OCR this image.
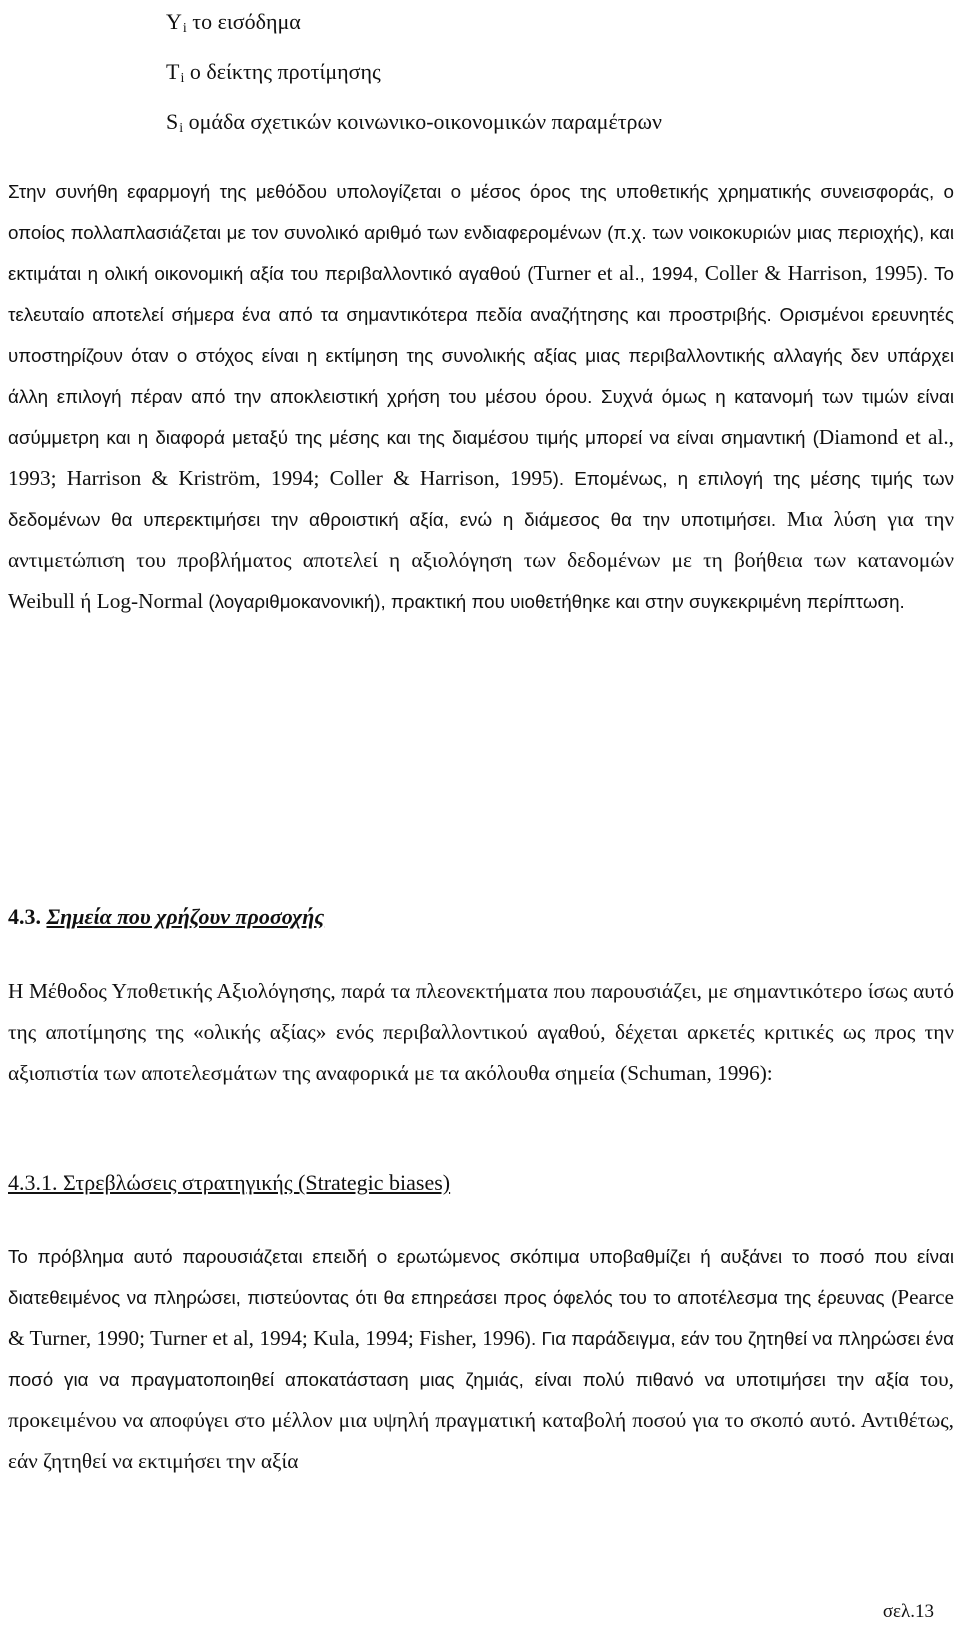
$Y_i$ το εισόδημα
$T_i$ ο δείκτης προτίμησης
$S_i$ ομάδα σχετικών κοινωνικο-οικονομικών παραμέτρων

Στην συνήθη εφαρμογή της μεθόδου υπολογίζεται ο μέσος όρος της υποθετικής χρηματικής συνεισφοράς, ο οποίος πολλαπλασιάζεται με τον συνολικό αριθμό των ενδιαφερομένων (π.χ. των νοικοκυριών μιας περιοχής), και εκτιμάται η ολική οικονομική αξία του περιβαλλοντικό αγαθού (Turner et al., 1994, Coller & Harrison, 1995). Το τελευταίο αποτελεί σήμερα ένα από τα σημαντικότερα πεδία αναζήτησης και προστριβής. Ορισμένοι ερευνητές υποστηρίζουν όταν ο στόχος είναι η εκτίμηση της συνολικής αξίας μιας περιβαλλοντικής αλλαγής δεν υπάρχει άλλη επιλογή πέραν από την αποκλειστική χρήση του μέσου όρου. Συχνά όμως η κατανομή των τιμών είναι ασύμμετρη και η διαφορά μεταξύ της μέσης και της διαμέσου τιμής μπορεί να είναι σημαντική (Diamond et al., 1993; Harrison & Kriström, 1994; Coller & Harrison, 1995). Επομένως, η επιλογή της μέσης τιμής των δεδομένων θα υπερεκτιμήσει την αθροιστική αξία, ενώ η διάμεσος θα την υποτιμήσει. Μια λύση για την αντιμετώπιση του προβλήματος αποτελεί η αξιολόγηση των δεδομένων με τη βοήθεια των κατανομών Weibull ή Log-Normal (λογαριθμοκανονική), πρακτική που υιοθετήθηκε και στην συγκεκριμένη περίπτωση.

4.3. Σημεία που χρήζουν προσοχής

Η Μέθοδος Υποθετικής Αξιολόγησης, παρά τα πλεονεκτήματα που παρουσιάζει, με σημαντικότερο ίσως αυτό της αποτίμησης της «ολικής αξίας» ενός περιβαλλοντικού αγαθού, δέχεται αρκετές κριτικές ως προς την αξιοπιστία των αποτελεσμάτων της αναφορικά με τα ακόλουθα σημεία (Schuman, 1996):

4.3.1. Στρεβλώσεις στρατηγικής (Strategic biases)

Το πρόβλημα αυτό παρουσιάζεται επειδή ο ερωτώμενος σκόπιμα υποβαθμίζει ή αυξάνει το ποσό που είναι διατεθειμένος να πληρώσει, πιστεύοντας ότι θα επηρεάσει προς όφελός του το αποτέλεσμα της έρευνας (Pearce & Turner, 1990; Turner et al, 1994; Kula, 1994; Fisher, 1996). Για παράδειγμα, εάν του ζητηθεί να πληρώσει ένα ποσό για να πραγματοποιηθεί αποκατάσταση μιας ζημιάς, είναι πολύ πιθανό να υποτιμήσει την αξία του, προκειμένου να αποφύγει στο μέλλον μια υψηλή πραγματική καταβολή ποσού για το σκοπό αυτό. Αντιθέτως, εάν ζητηθεί να εκτιμήσει την αξία

σελ.13
